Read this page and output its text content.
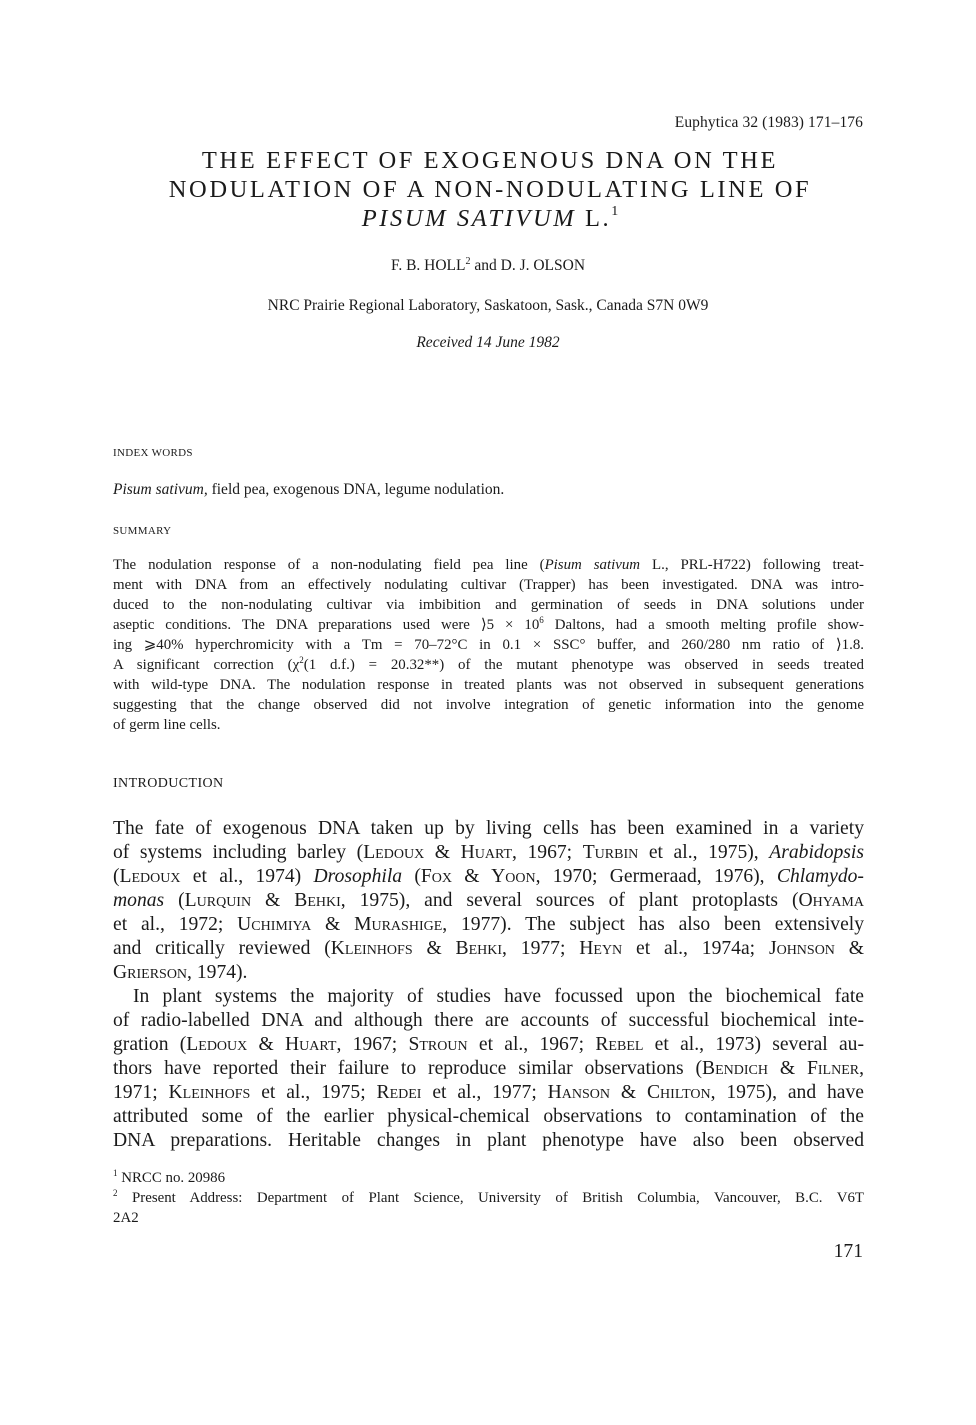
Euphytica 32 (1983) 171–176
THE EFFECT OF EXOGENOUS DNA ON THE
NODULATION OF A NON-NODULATING LINE OF
PISUM SATIVUM L.$^1$
F. B. HOLL$^2$ and D. J. OLSON
NRC Prairie Regional Laboratory, Saskatoon, Sask., Canada S7N 0W9
Received 14 June 1982
INDEX WORDS
Pisum sativum, field pea, exogenous DNA, legume nodulation.
SUMMARY
The nodulation response of a non-nodulating field pea line (Pisum sativum L., PRL-H722) following treat-
ment with DNA from an effectively nodulating cultivar (Trapper) has been investigated. DNA was intro-
duced to the non-nodulating cultivar via imbibition and germination of seeds in DNA solutions under
aseptic conditions. The DNA preparations used were ⟩5 × $10^6$ Daltons, had a smooth melting profile show-
ing ⩾40% hyperchromicity with a Tm = 70–72°C in 0.1 × SSC° buffer, and 260/280 nm ratio of ⟩1.8.
A significant correction ($\chi^2(1$ d.f.) = 20.32**) of the mutant phenotype was observed in seeds treated
with wild-type DNA. The nodulation response in treated plants was not observed in subsequent generations
suggesting that the change observed did not involve integration of genetic information into the genome
of germ line cells.
INTRODUCTION
The fate of exogenous DNA taken up by living cells has been examined in a variety
of systems including barley (Ledoux & Huart, 1967; Turbin et al., 1975), Arabidopsis
(Ledoux et al., 1974) Drosophila (Fox & Yoon, 1970; Germeraad, 1976), Chlamydo-
monas (Lurquin & Behki, 1975), and several sources of plant protoplasts (Ohyama
et al., 1972; Uchimiya & Murashige, 1977). The subject has also been extensively
and critically reviewed (Kleinhofs & Behki, 1977; Heyn et al., 1974a; Johnson &
Grierson, 1974).
In plant systems the majority of studies have focussed upon the biochemical fate
of radio-labelled DNA and although there are accounts of successful biochemical inte-
gration (Ledoux & Huart, 1967; Stroun et al., 1967; Rebel et al., 1973) several au-
thors have reported their failure to reproduce similar observations (Bendich & Filner,
1971; Kleinhofs et al., 1975; Redei et al., 1977; Hanson & Chilton, 1975), and have
attributed some of the earlier physical-chemical observations to contamination of the
DNA preparations. Heritable changes in plant phenotype have also been observed
$^1$ NRCC no. 20986
$^2$ Present Address: Department of Plant Science, University of British Columbia, Vancouver, B.C. V6T
2A2
171
